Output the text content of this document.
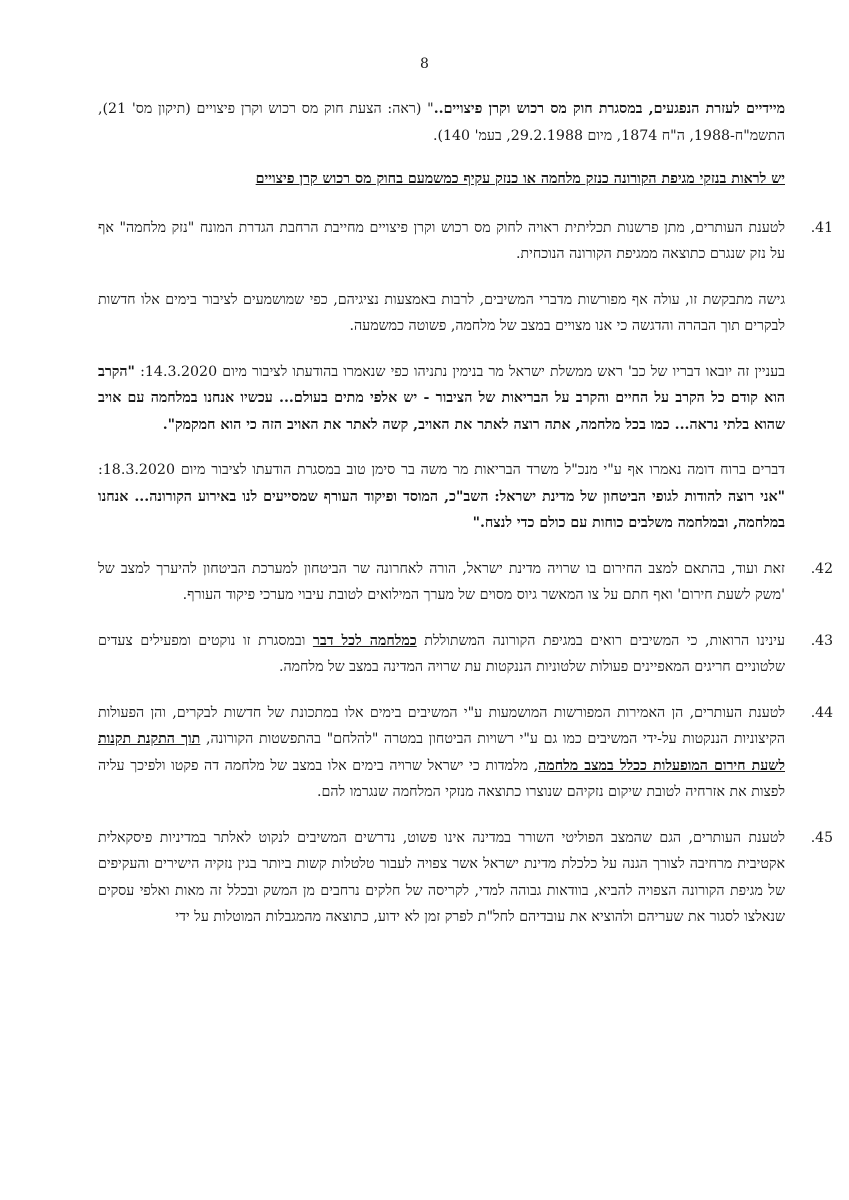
8

מיידיים לעזרת הנפגעים, במסגרת חוק מס רכוש וקרן פיצויים.." (ראה: הצעת חוק מס רכוש וקרן פיצויים (תיקון מס' 21), התשמ"ח-1988, ה"ח 1874, מיום 29.2.1988, בעמ' 140).

יש לראות בנזקי מגיפת הקורונה כנזק מלחמה או כנזק עקיף כמשמעם בחוק מס רכוש קרן פיצויים

.41
לטענת העותרים, מתן פרשנות תכליתית ראויה לחוק מס רכוש וקרן פיצויים מחייבת הרחבת הגדרת המונח "נזק מלחמה" אף על נזק שנגרם כתוצאה ממגיפת הקורונה הנוכחית.

גישה מתבקשת זו, עולה אף מפורשות מדברי המשיבים, לרבות באמצעות נציגיהם, כפי שמושמעים לציבור בימים אלו חדשות לבקרים תוך הבהרה והדגשה כי אנו מצויים במצב של מלחמה, פשוטה כמשמעה.

בעניין זה יובאו דבריו של כב' ראש ממשלת ישראל מר בנימין נתניהו כפי שנאמרו בהודעתו לציבור מיום 14.3.2020: "הקרב הוא קודם כל הקרב על החיים והקרב על הבריאות של הציבור - יש אלפי מתים בעולם... עכשיו אנחנו במלחמה עם אויב שהוא בלתי נראה... כמו בכל מלחמה, אתה רוצה לאתר את האויב, קשה לאתר את האויב הזה כי הוא חמקמק".

דברים ברוח דומה נאמרו אף ע"י מנכ"ל משרד הבריאות מר משה בר סימן טוב במסגרת הודעתו לציבור מיום 18.3.2020: "אני רוצה להודות לגופי הביטחון של מדינת ישראל: השב"כ, המוסד ופיקוד העורף שמסייעים לנו באירוע הקורונה... אנחנו במלחמה, ובמלחמה משלבים כוחות עם כולם כדי לנצח."

.42
זאת ועוד, בהתאם למצב החירום בו שרויה מדינת ישראל, הורה לאחרונה שר הביטחון למערכת הביטחון להיערך למצב של 'משק לשעת חירום' ואף חתם על צו המאשר גיוס מסוים של מערך המילואים לטובת עיבוי מערכי פיקוד העורף.
.43
עינינו הרואות, כי המשיבים רואים במגיפת הקורונה המשתוללת כמלחמה לכל דבר ובמסגרת זו נוקטים ומפעילים צעדים שלטוניים חריגים המאפיינים פעולות שלטוניות הננקטות עת שרויה המדינה במצב של מלחמה.
.44
לטענת העותרים, הן האמירות המפורשות המושמעות ע"י המשיבים בימים אלו במתכונת של חדשות לבקרים, והן הפעולות הקיצוניות הננקטות על-ידי המשיבים כמו גם ע"י רשויות הביטחון במטרה "להלחם" בהתפשטות הקורונה, תוך התקנת תקנות לשעת חירום המופעלות ככלל במצב מלחמה, מלמדות כי ישראל שרויה בימים אלו במצב של מלחמה דה פקטו ולפיכך עליה לפצות את אזרחיה לטובת שיקום נזקיהם שנוצרו כתוצאה מנזקי המלחמה שנגרמו להם.
.45
לטענת העותרים, הגם שהמצב הפוליטי השורר במדינה אינו פשוט, נדרשים המשיבים לנקוט לאלתר במדיניות פיסקאלית אקטיבית מרחיבה לצורך הגנה על כלכלת מדינת ישראל אשר צפויה לעבור טלטלות קשות ביותר בגין נזקיה הישירים והעקיפים של מגיפת הקורונה הצפויה להביא, בוודאות גבוהה למדי, לקריסה של חלקים נרחבים מן המשק ובכלל זה מאות ואלפי עסקים שנאלצו לסגור את שעריהם ולהוציא את עובדיהם לחל"ת לפרק זמן לא ידוע, כתוצאה מהמגבלות המוטלות על ידי
